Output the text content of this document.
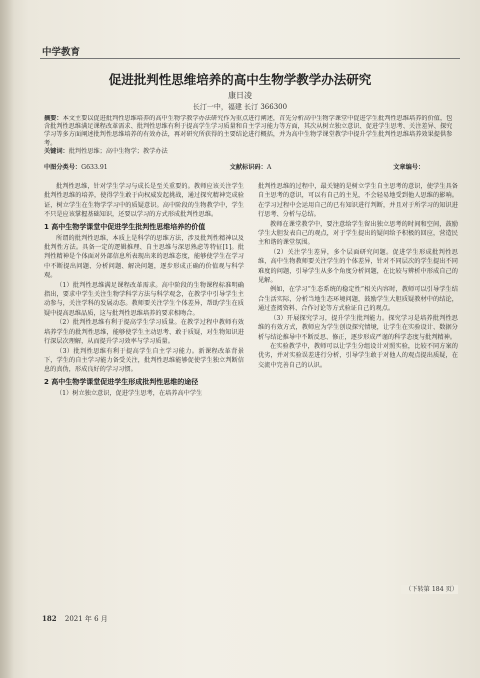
中学教育
促进批判性思维培养的高中生物学教学办法研究
康日凌
长汀一中，福建 长汀 366300
摘要：本文主要以促进批判性思维培养的高中生物学教学办法研究作为重点进行阐述，首先分析高中生物学课堂中促进学生批判性思维培养的价值，包含批判性思维满足课程改革需求、批判性思维有利于提高学生学习质量和自主学习能力等方面，其次从树立独立意识、促进学生思考、关注差异、探究学习等多方面阐述批判性思维培养的有效办法，再对研究所获得的主要结论进行概括，并为高中生物学课堂教学中提升学生批判性思维培养效果提供参考。
关键词：批判性思维；高中生物学；教学办法
中图分类号：G633.91	文献标识码：A	文章编号：

批判性思维，针对学生学习与成长是至关重要的。教师应该关注学生批判性思维的培养，使得学生敢于向权威发起挑战，通过探究精神完成验证，树立学生在生物学学习中的质疑意识。高中阶段的生物教学中，学生不只是应该掌握基础知识，还要以学习的方式形成批判性思维。

1 高中生物学课堂中促进学生批判性思维培养的价值

所谓的批判性思维，本质上是科学的思维方法，涉及批判性精神以及批判性方法。具备一定的逻辑推理、自主思维与深思熟虑等特征[1]。批判性精神是个体面对外部信息所表现出来的思维态度，能够使学生在学习中不断提出问题、分析问题、解决问题，逐步形成正确的价值观与科学观。

（1）批判性思维满足课程改革需求。高中阶段的生物课程标准明确指出，要求中学生关注生物学科学方法与科学观念，在教学中引导学生主动参与，关注学科的发展动态。教师要关注学生个体差异，帮助学生在质疑中提高思维品质，这与批判性思维培养的要求相吻合。

（2）批判性思维有利于提高学生学习质量。在教学过程中教师有效培养学生的批判性思维，能够使学生主动思考、敢于质疑，对生物知识进行深层次理解，从而提升学习效率与学习质量。

（3）批判性思维有利于提高学生自主学习能力。新课程改革背景下，学生的自主学习能力备受关注，批判性思维能够促使学生独立判断信息的真伪，形成良好的学习习惯。

2 高中生物学课堂促进学生形成批判性思维的途径

（1）树立独立意识，促进学生思考，在培养高中学生

批判性思维的过程中，最关键的是树立学生自主思考的意识，使学生具备自主思考的意识，可以有自己的主见，不会轻易地受到他人思维的影响。在学习过程中会运用自己的已有知识进行判断，并且对于所学习的知识进行思考、分析与总结。

教师在课堂教学中，要注意给学生留出独立思考的时间和空间，鼓励学生大胆发表自己的观点，对于学生提出的疑问给予积极的回应，营造民主和谐的课堂氛围。

（2）关注学生差异，多个层面研究问题。促进学生形成批判性思维，高中生物教师要关注学生的个体差异，针对不同层次的学生提出不同难度的问题，引导学生从多个角度分析问题，在比较与辨析中形成自己的见解。

例如，在学习“生态系统的稳定性”相关内容时，教师可以引导学生结合生活实际，分析当地生态环境问题，鼓励学生大胆质疑教材中的结论，通过查阅资料、合作讨论等方式验证自己的观点。

（3）开展探究学习，提升学生批判能力。探究学习是培养批判性思维的有效方式，教师应为学生创设探究情境，让学生在实验设计、数据分析与结论推导中不断反思、修正，逐步形成严谨的科学态度与批判精神。

在实验教学中，教师可以让学生分组设计对照实验，比较不同方案的优劣，并对实验误差进行分析，引导学生敢于对他人的观点提出质疑，在交流中完善自己的认识。

（下转第 184 页）
182 2021 年 6 月
